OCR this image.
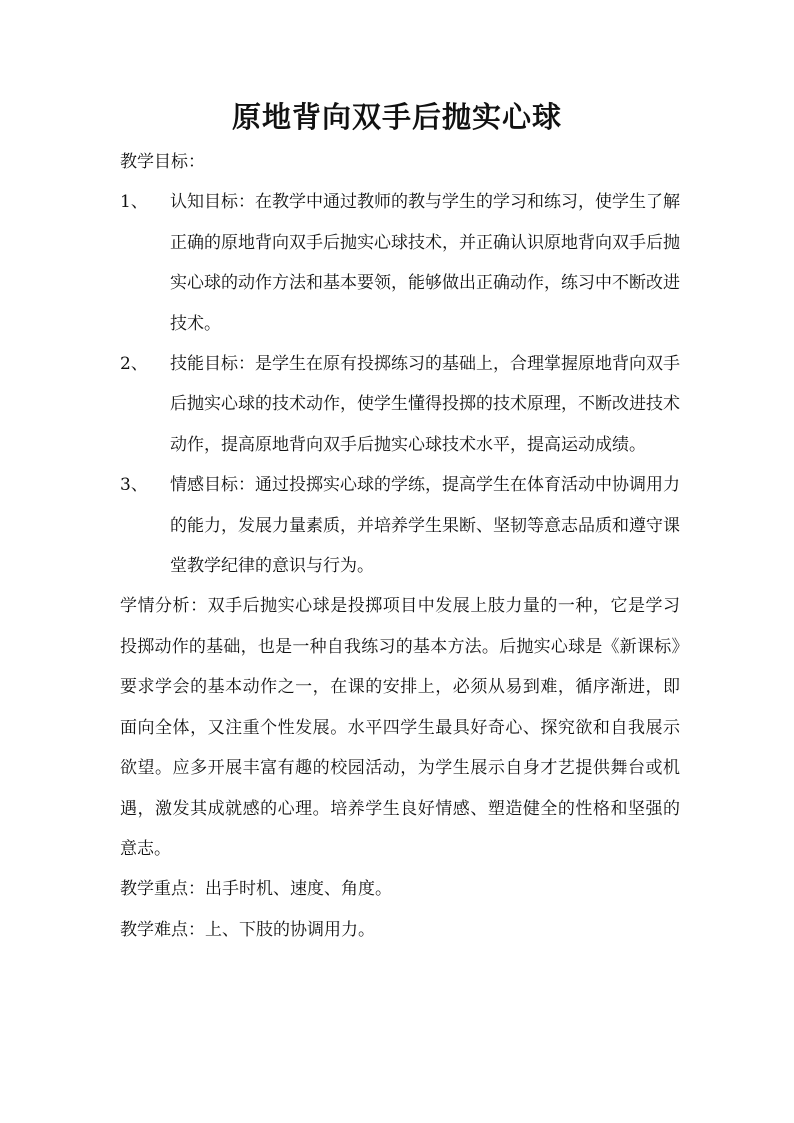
原地背向双手后抛实心球
教学目标：
1、	认知目标：在教学中通过教师的教与学生的学习和练习，使学生了解正确的原地背向双手后抛实心球技术，并正确认识原地背向双手后抛实心球的动作方法和基本要领，能够做出正确动作，练习中不断改进技术。
2、	技能目标：是学生在原有投掷练习的基础上，合理掌握原地背向双手后抛实心球的技术动作，使学生懂得投掷的技术原理，不断改进技术动作，提高原地背向双手后抛实心球技术水平，提高运动成绩。
3、	情感目标：通过投掷实心球的学练，提高学生在体育活动中协调用力的能力，发展力量素质，并培养学生果断、坚韧等意志品质和遵守课堂教学纪律的意识与行为。
学情分析：双手后抛实心球是投掷项目中发展上肢力量的一种，它是学习投掷动作的基础，也是一种自我练习的基本方法。后抛实心球是《新课标》要求学会的基本动作之一，在课的安排上，必须从易到难，循序渐进，即面向全体，又注重个性发展。水平四学生最具好奇心、探究欲和自我展示欲望。应多开展丰富有趣的校园活动，为学生展示自身才艺提供舞台或机遇，激发其成就感的心理。培养学生良好情感、塑造健全的性格和坚强的意志。
教学重点：出手时机、速度、角度。
教学难点：上、下肢的协调用力。
